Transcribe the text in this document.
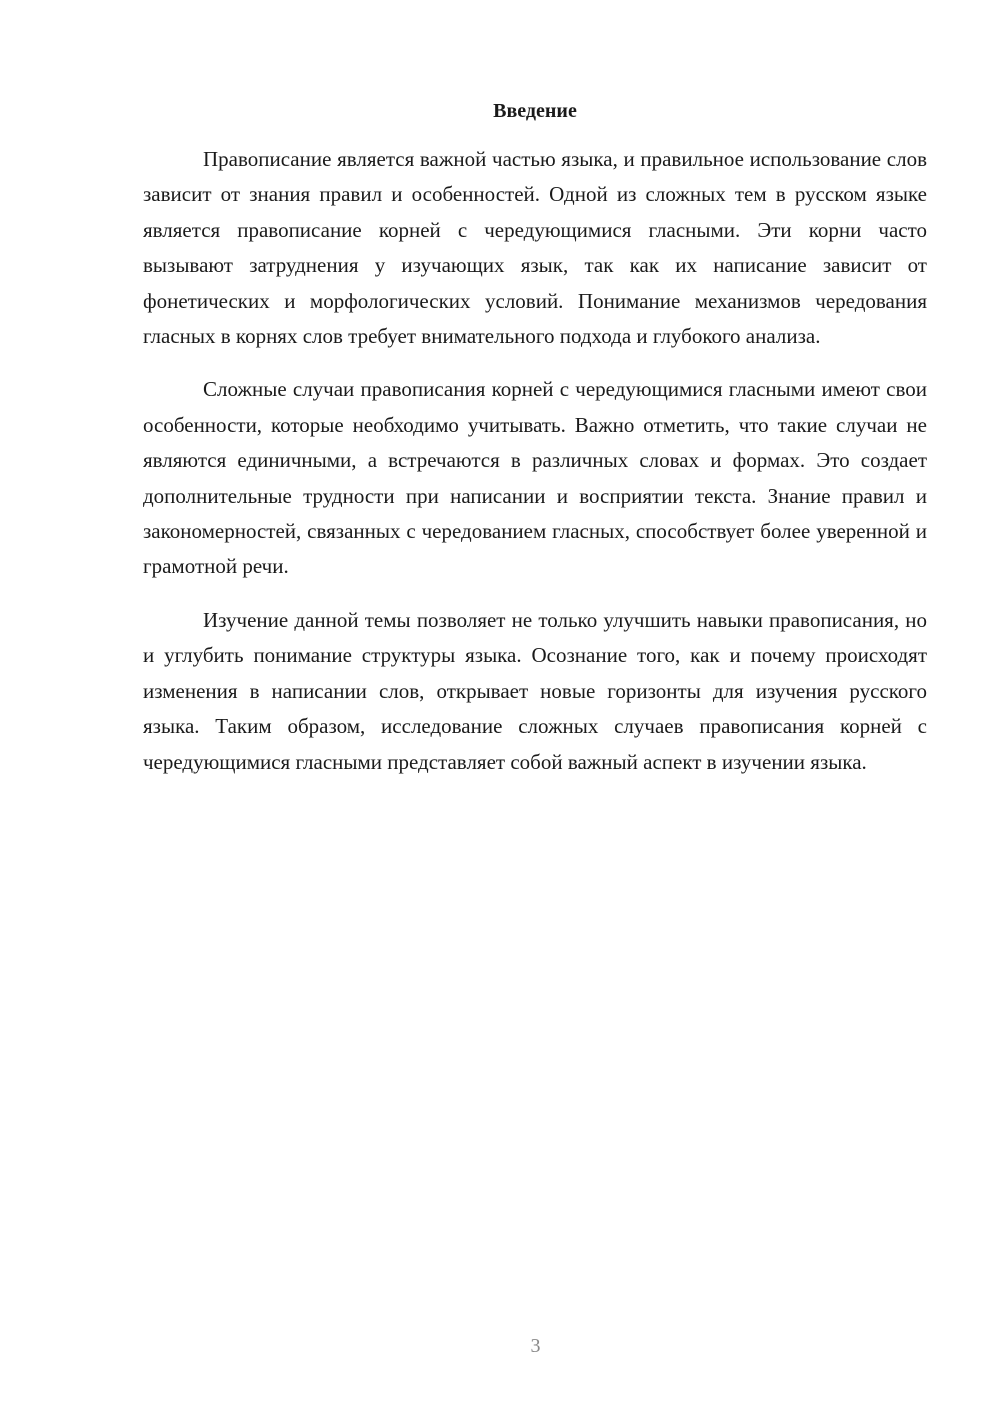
Введение

Правописание является важной частью языка, и правильное использование слов зависит от знания правил и особенностей. Одной из сложных тем в русском языке является правописание корней с чередующимися гласными. Эти корни часто вызывают затруднения у изучающих язык, так как их написание зависит от фонетических и морфологических условий. Понимание механизмов чередования гласных в корнях слов требует внимательного подхода и глубокого анализа.

Сложные случаи правописания корней с чередующимися гласными имеют свои особенности, которые необходимо учитывать. Важно отметить, что такие случаи не являются единичными, а встречаются в различных словах и формах. Это создает дополнительные трудности при написании и восприятии текста. Знание правил и закономерностей, связанных с чередованием гласных, способствует более уверенной и грамотной речи.

Изучение данной темы позволяет не только улучшить навыки правописания, но и углубить понимание структуры языка. Осознание того, как и почему происходят изменения в написании слов, открывает новые горизонты для изучения русского языка. Таким образом, исследование сложных случаев правописания корней с чередующимися гласными представляет собой важный аспект в изучении языка.

3
